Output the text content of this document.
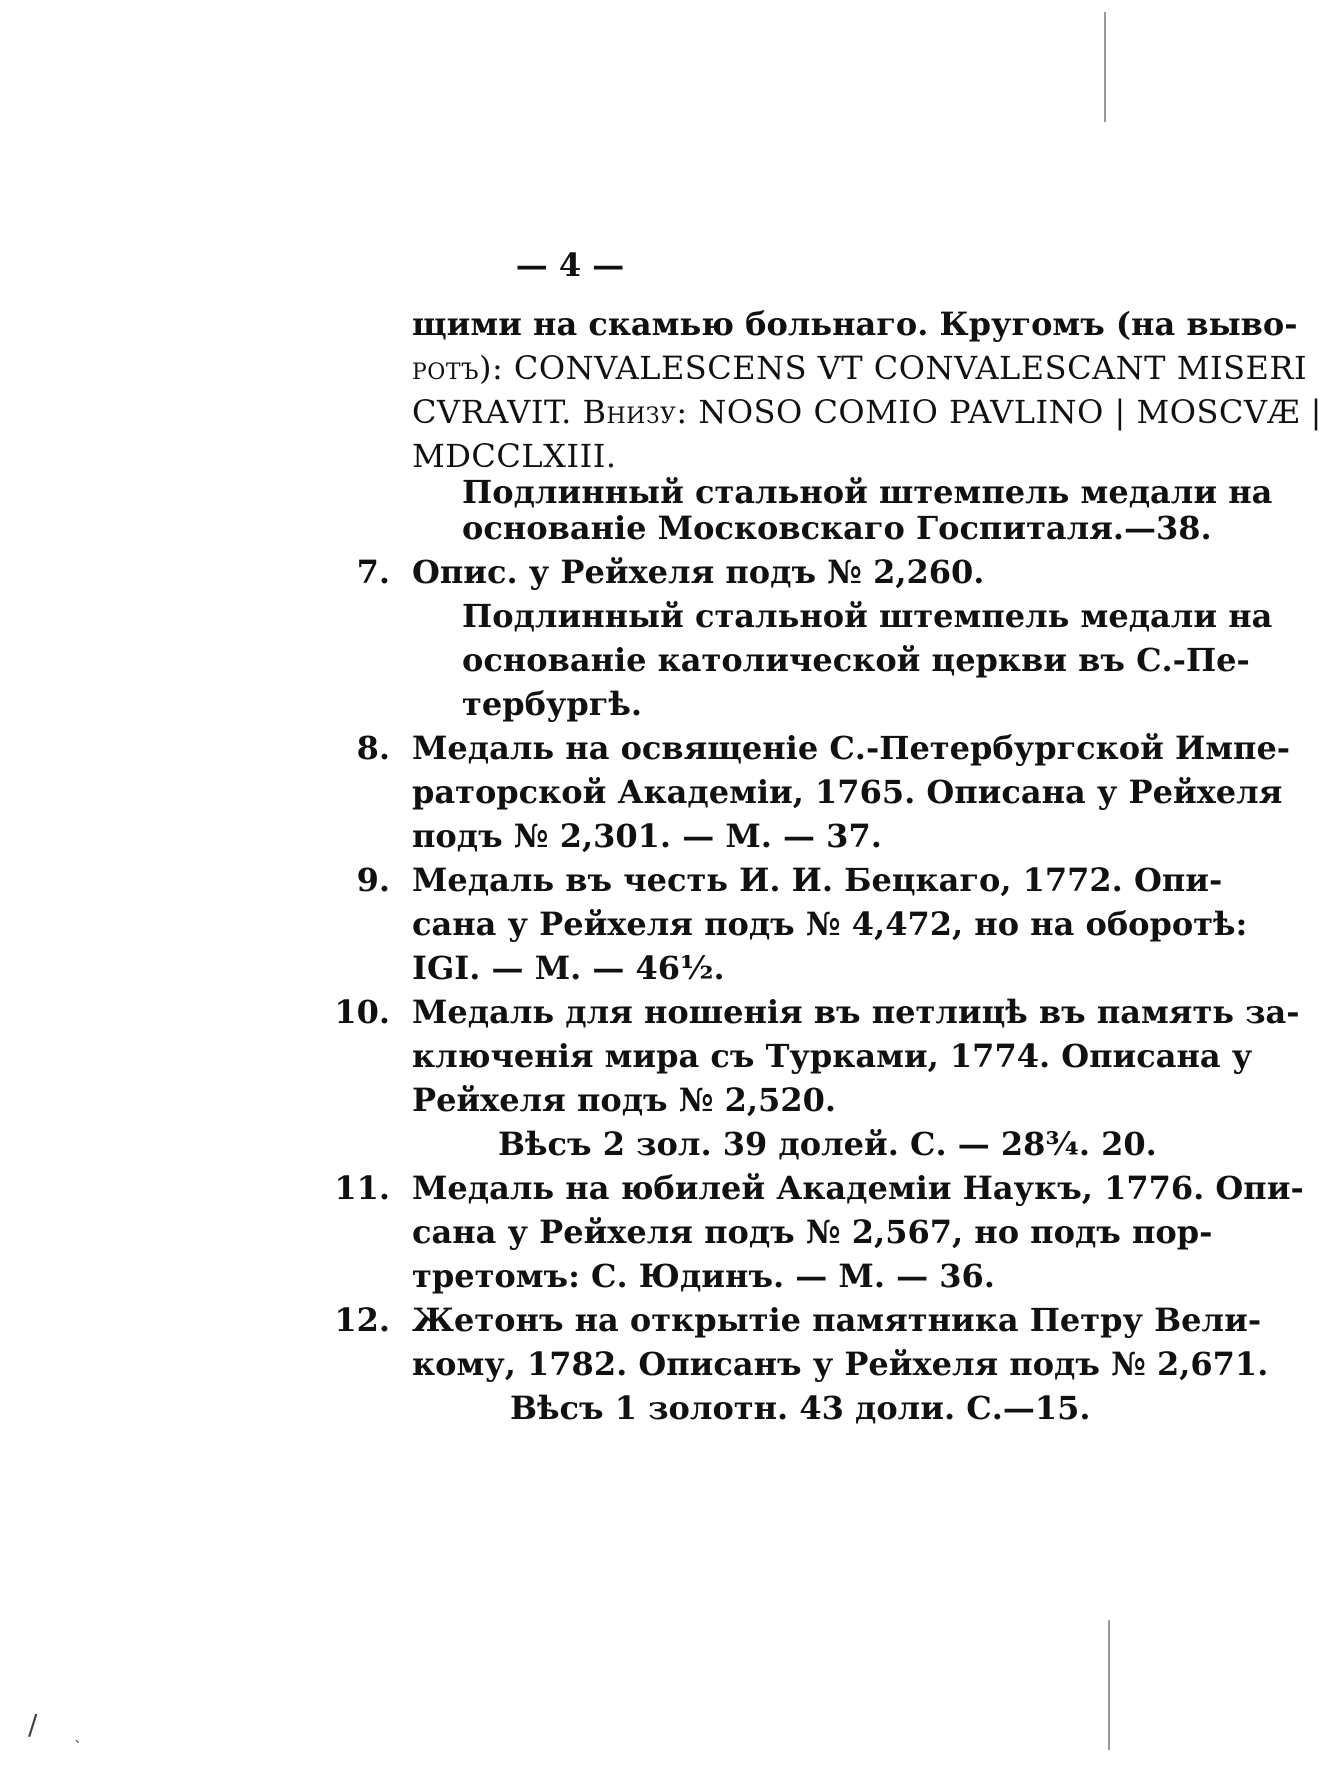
/
`
— 4 —
щими на скамью больнаго. Кругомъ (на выво-
ротъ): CONVALESCENS VT CONVALESCANT MISERI
CVRAVIT. Внизу: NOSO COMIO PAVLINO | MOSCVÆ |
MDCCLXIII.
Подлинный стальной штемпель медали на
основаніе Московскаго Госпиталя.—38.
7. Опис. у Рейхеля подъ № 2,260.
Подлинный стальной штемпель медали на
основаніе католической церкви въ С.-Пе-
тербургѣ.
8. Медаль на освященіе С.-Петербургской Импе-
раторской Академіи, 1765. Описана у Рейхеля
подъ № 2,301. — М. — 37.
9. Медаль въ честь И. И. Бецкаго, 1772. Опи-
сана у Рейхеля подъ № 4,472, но на оборотѣ:
IGI. — М. — 46½.
10. Медаль для ношенія въ петлицѣ въ память за-
ключенія мира съ Турками, 1774. Описана у
Рейхеля подъ № 2,520.
Вѣсъ 2 зол. 39 долей. С. — 28¾. 20.
11. Медаль на юбилей Академіи Наукъ, 1776. Опи-
сана у Рейхеля подъ № 2,567, но подъ пор-
третомъ: С. Юдинъ. — М. — 36.
12. Жетонъ на открытіе памятника Петру Вели-
кому, 1782. Описанъ у Рейхеля подъ № 2,671.
Вѣсъ 1 золотн. 43 доли. С.—15.
